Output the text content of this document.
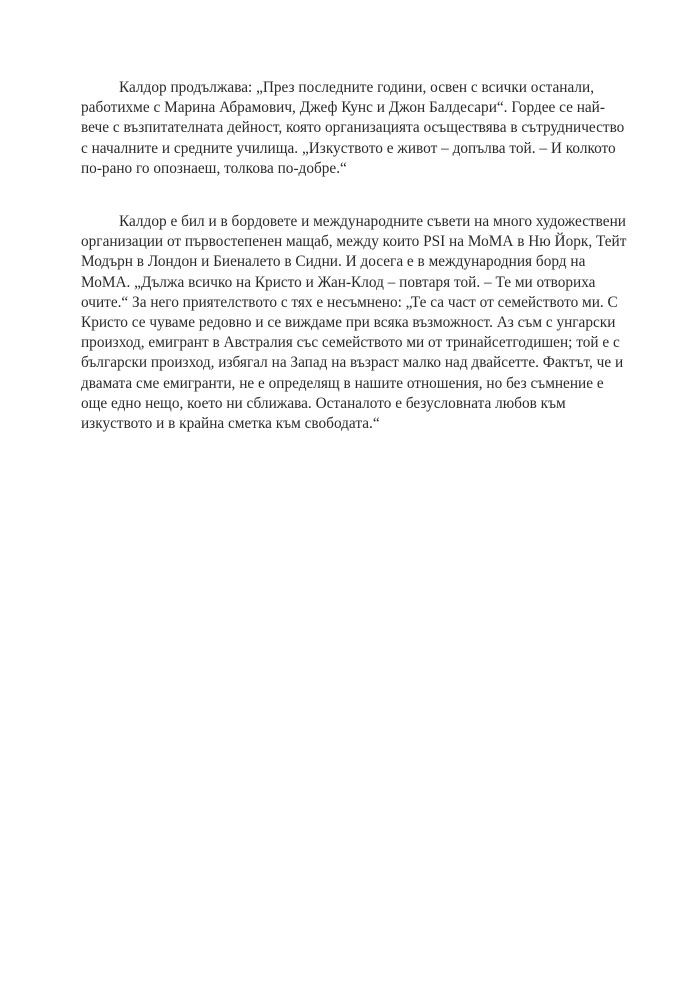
Калдор продължава: „През последните години, освен с всички останали, работихме с Марина Абрамович, Джеф Кунс и Джон Балдесари“. Гордее се най-вече с възпитателната дейност, която организацията осъществява в сътрудничество с началните и средните училища. „Изкуството е живот – допълва той. – И колкото по-рано го опознаеш, толкова по-добре.“

Калдор е бил и в бордовете и международните съвети на много художествени организации от първостепенен мащаб, между които PSI на МоМА в Ню Йорк, Тейт Модърн в Лондон и Биеналето в Сидни. И досега е в международния борд на МоМА. „Дължа всичко на Кристо и Жан-Клод – повтаря той. – Те ми отвориха очите.“ За него приятелството с тях е несъмнено: „Те са част от семейството ми. С Кристо се чуваме редовно и се виждаме при всяка възможност. Аз съм с унгарски произход, емигрант в Австралия със семейството ми от тринайсетгодишен; той е с български произход, избягал на Запад на възраст малко над двайсетте. Фактът, че и двамата сме емигранти, не е определящ в нашите отношения, но без съмнение е още едно нещо, което ни сближава. Останалото е безусловната любов към изкуството и в крайна сметка към свободата.“
